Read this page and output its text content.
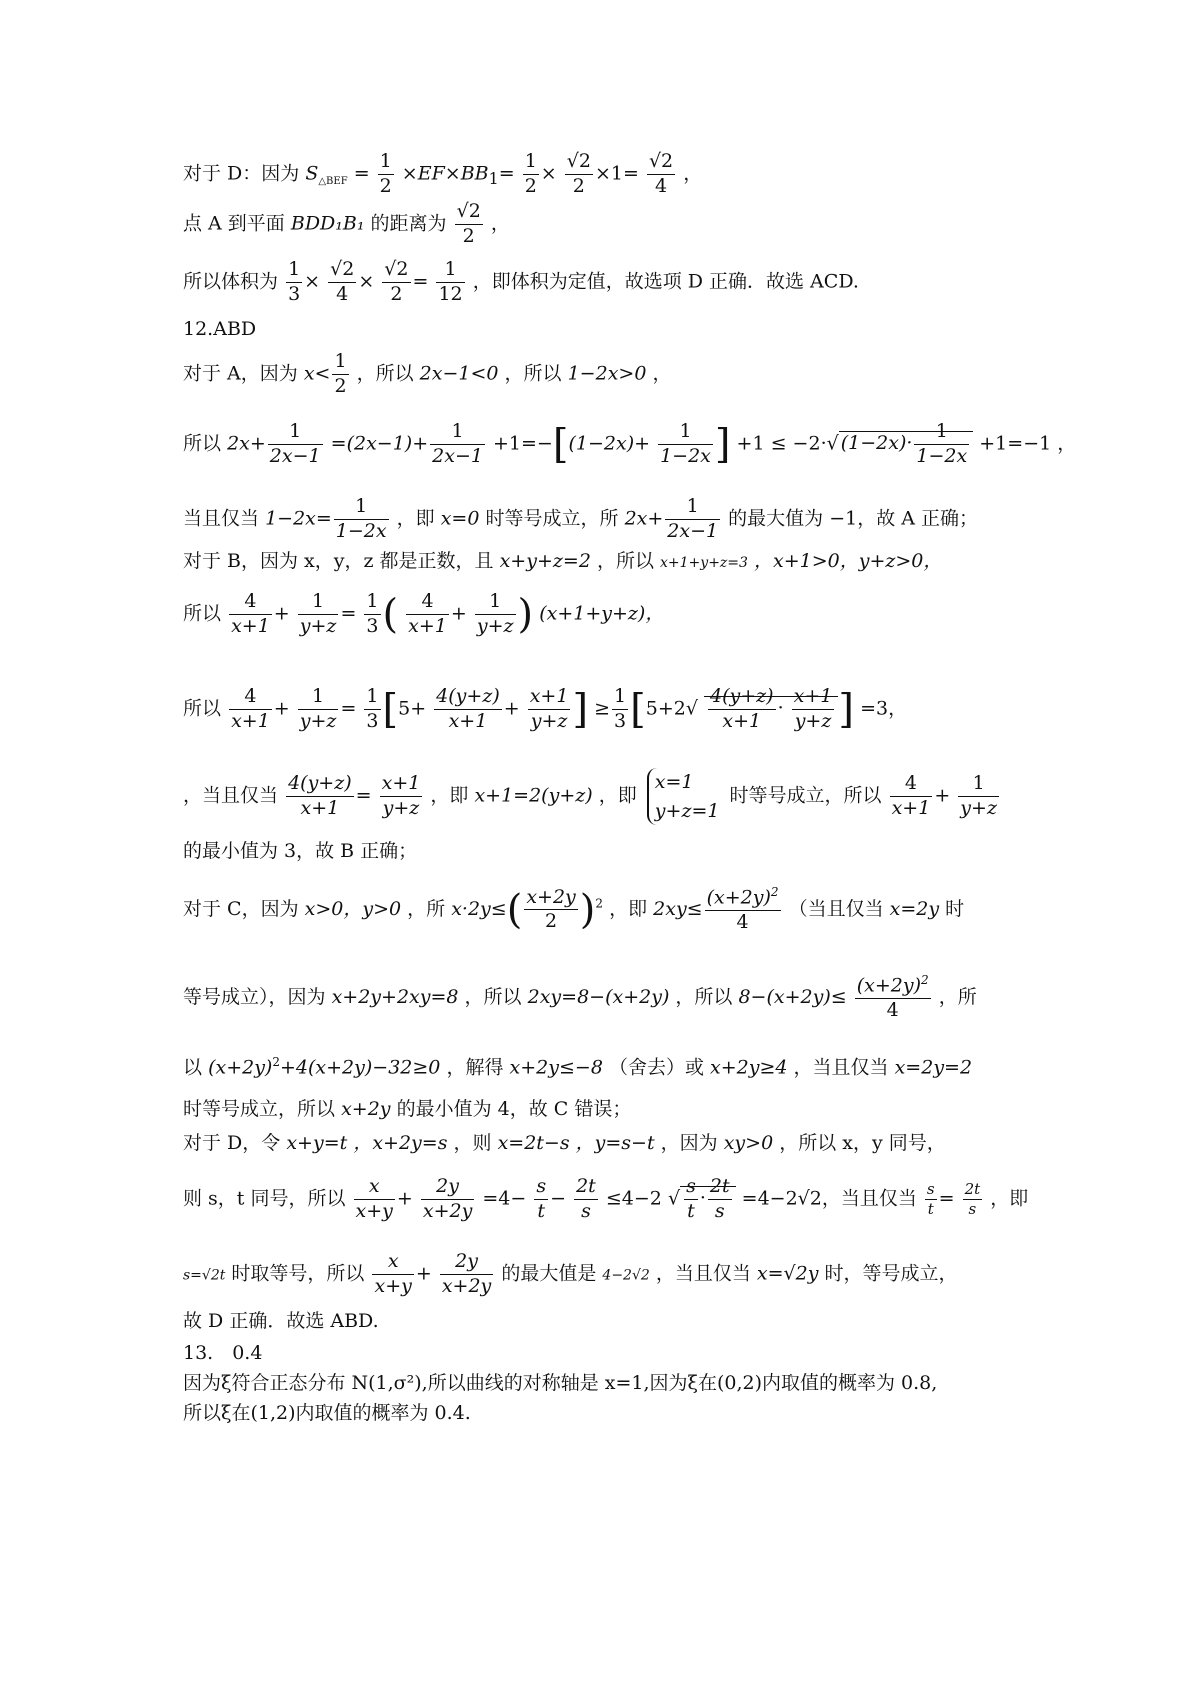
对于 D：因为 $S_{\triangle BEF} = \frac{1}{2} \times EF\times BB_1= \frac{1}{2} \times \frac{√2}{2} \times 1= \frac{√2}{4}$ ，
点 A 到平面 BDD₁B₁ 的距离为 $\frac{√2}{2}$ ，
所以体积为 $\frac{1}{3} \times \frac{√2}{4} \times \frac{√2}{2} = \frac{1}{12}$ ，即体积为定值，故选项 D 正确．故选 ACD.
12.ABD
对于 A，因为 $x< \frac{1}{2}$ ，所以 2x−1<0 ，所以 1−2x>0 ，
所以 $2x+ \frac{1}{2x-1} =(2x-1)+ \frac{1}{2x-1} +1=-[(1-2x)+ \frac{1}{1-2x}$ ] +1 ≤ −2·√ $(1-2x)\cdot \frac{1}{1-2x} +1=-1$ ，
当且仅当 $1-2x= \frac{1}{1-2x}$ ，即 x=0 时等号成立，所 $2x+ \frac{1}{2x-1}$ 的最大值为 −1，故 A 正确；
对于 B，因为 x，y，z 都是正数，且 x+y+z=2 ，所以 x+1+y+z=3 ，x+1>0，y+z>0，
所以 $\frac{4}{x+1} + \frac{1}{y+z} = \frac{1}{3}$ ( $\frac{4}{x+1} + \frac{1}{y+z}$ ) (x+1+y+z)，
所以 $\frac{4}{x+1} + \frac{1}{y+z} = \frac{1}{3} [5+ \frac{4(y+z)}{x+1} + \frac{x+1}{y+z}$ ] ≥ $\frac{1}{3} [5+2√ \frac{4(y+z)}{x+1} \cdot \frac{x+1}{y+z}$ ] =3，
，当且仅当 $\frac{4(y+z)}{x+1} = \frac{x+1}{y+z}$ ，即 x+1=2(y+z) ，即
x=1
y+z=1
时等号成立，所以 $\frac{4}{x+1} + \frac{1}{y+z}$
的最小值为 3，故 B 正确；
对于 C，因为 x>0，y>0 ，所 $x\cdot 2y\le( \frac{x+2y}{2} )^2$ ，即 $2xy\le \frac{(x+2y)^2}{4}$ （当且仅当 x=2y 时
等号成立），因为 x+2y+2xy=8 ，所以 2xy=8−(x+2y) ，所以 $8-(x+2y)\le \frac{(x+2y)^2}{4}$ ，所
以 $(x+2y)^2+4(x+2y)-32\ge 0$ ，解得 x+2y≤−8 （舍去）或 x+2y≥4 ，当且仅当 x=2y=2
时等号成立，所以 x+2y 的最小值为 4，故 C 错误；
对于 D，令 x+y=t ，x+2y=s ，则 x=2t−s ，y=s−t ，因为 xy>0 ，所以 x，y 同号，
则 s，t 同号，所以 $\frac{x}{x+y} + \frac{2y}{x+2y} =4- \frac{s}{t} - \frac{2t}{s} \le 4-2$ √ $\frac{s}{t} \cdot \frac{2t}{s} =4-2√2$，当且仅当 $\frac{s}{t} = \frac{2t}{s}$ ，即
s=√2t 时取等号，所以 $\frac{x}{x+y} + \frac{2y}{x+2y}$ 的最大值是 4−2√2 ，当且仅当 x=√2y 时，等号成立，
故 D 正确．故选 ABD.
13.　0.4
因为ξ符合正态分布 N(1,σ²),所以曲线的对称轴是 x=1,因为ξ在(0,2)内取值的概率为 0.8,
所以ξ在(1,2)内取值的概率为 0.4.
